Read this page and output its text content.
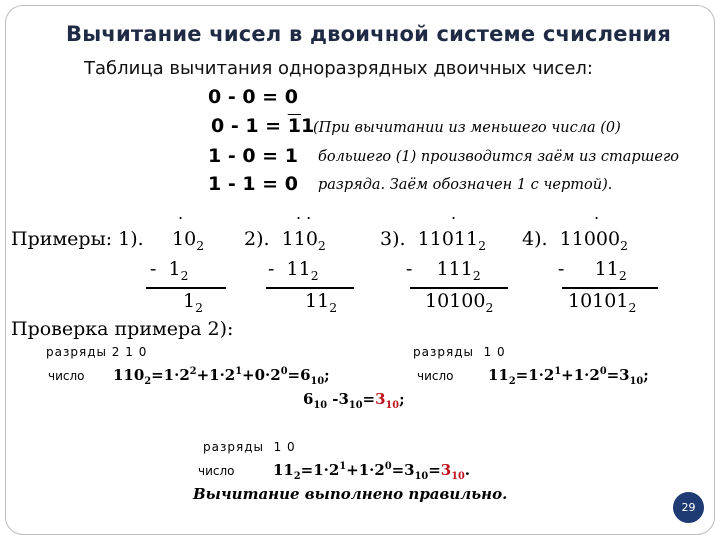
Вычитание чисел в двоичной системе счисления
Таблица вычитания одноразрядных двоичных чисел:
0 - 0 = 0
0 - 1 = 11
1 - 0 = 1
1 - 1 = 0
(При вычитании из меньшего числа (0)
большего (1) производится заём из старшего
разряда. Заём обозначен 1 с чертой).
.	. .	.	.
Примеры: 1). $10_2$
- $1_2$
$1_2$
2). $110_2$
- $11_2$
$11_2$
3). $11011_2$
- $111_2$
$10100_2$
4). $11000_2$
- $11_2$
$10101_2$
Проверка примера 2):
разряды 2 1 0	разряды 1 0
число $110_2=1\cdot 2^2+1\cdot 2^1+0\cdot 2^0=6_{10}$;	число $11_2=1\cdot 2^1+1\cdot 2^0=3_{10}$;
$6_{10}$ $-3_{10}=3_{10}$;
разряды 1 0
число	$11_2=1\cdot 2^1+1\cdot 2^0=3_{10}=3_{10}$.
Вычитание выполнено правильно.
29
